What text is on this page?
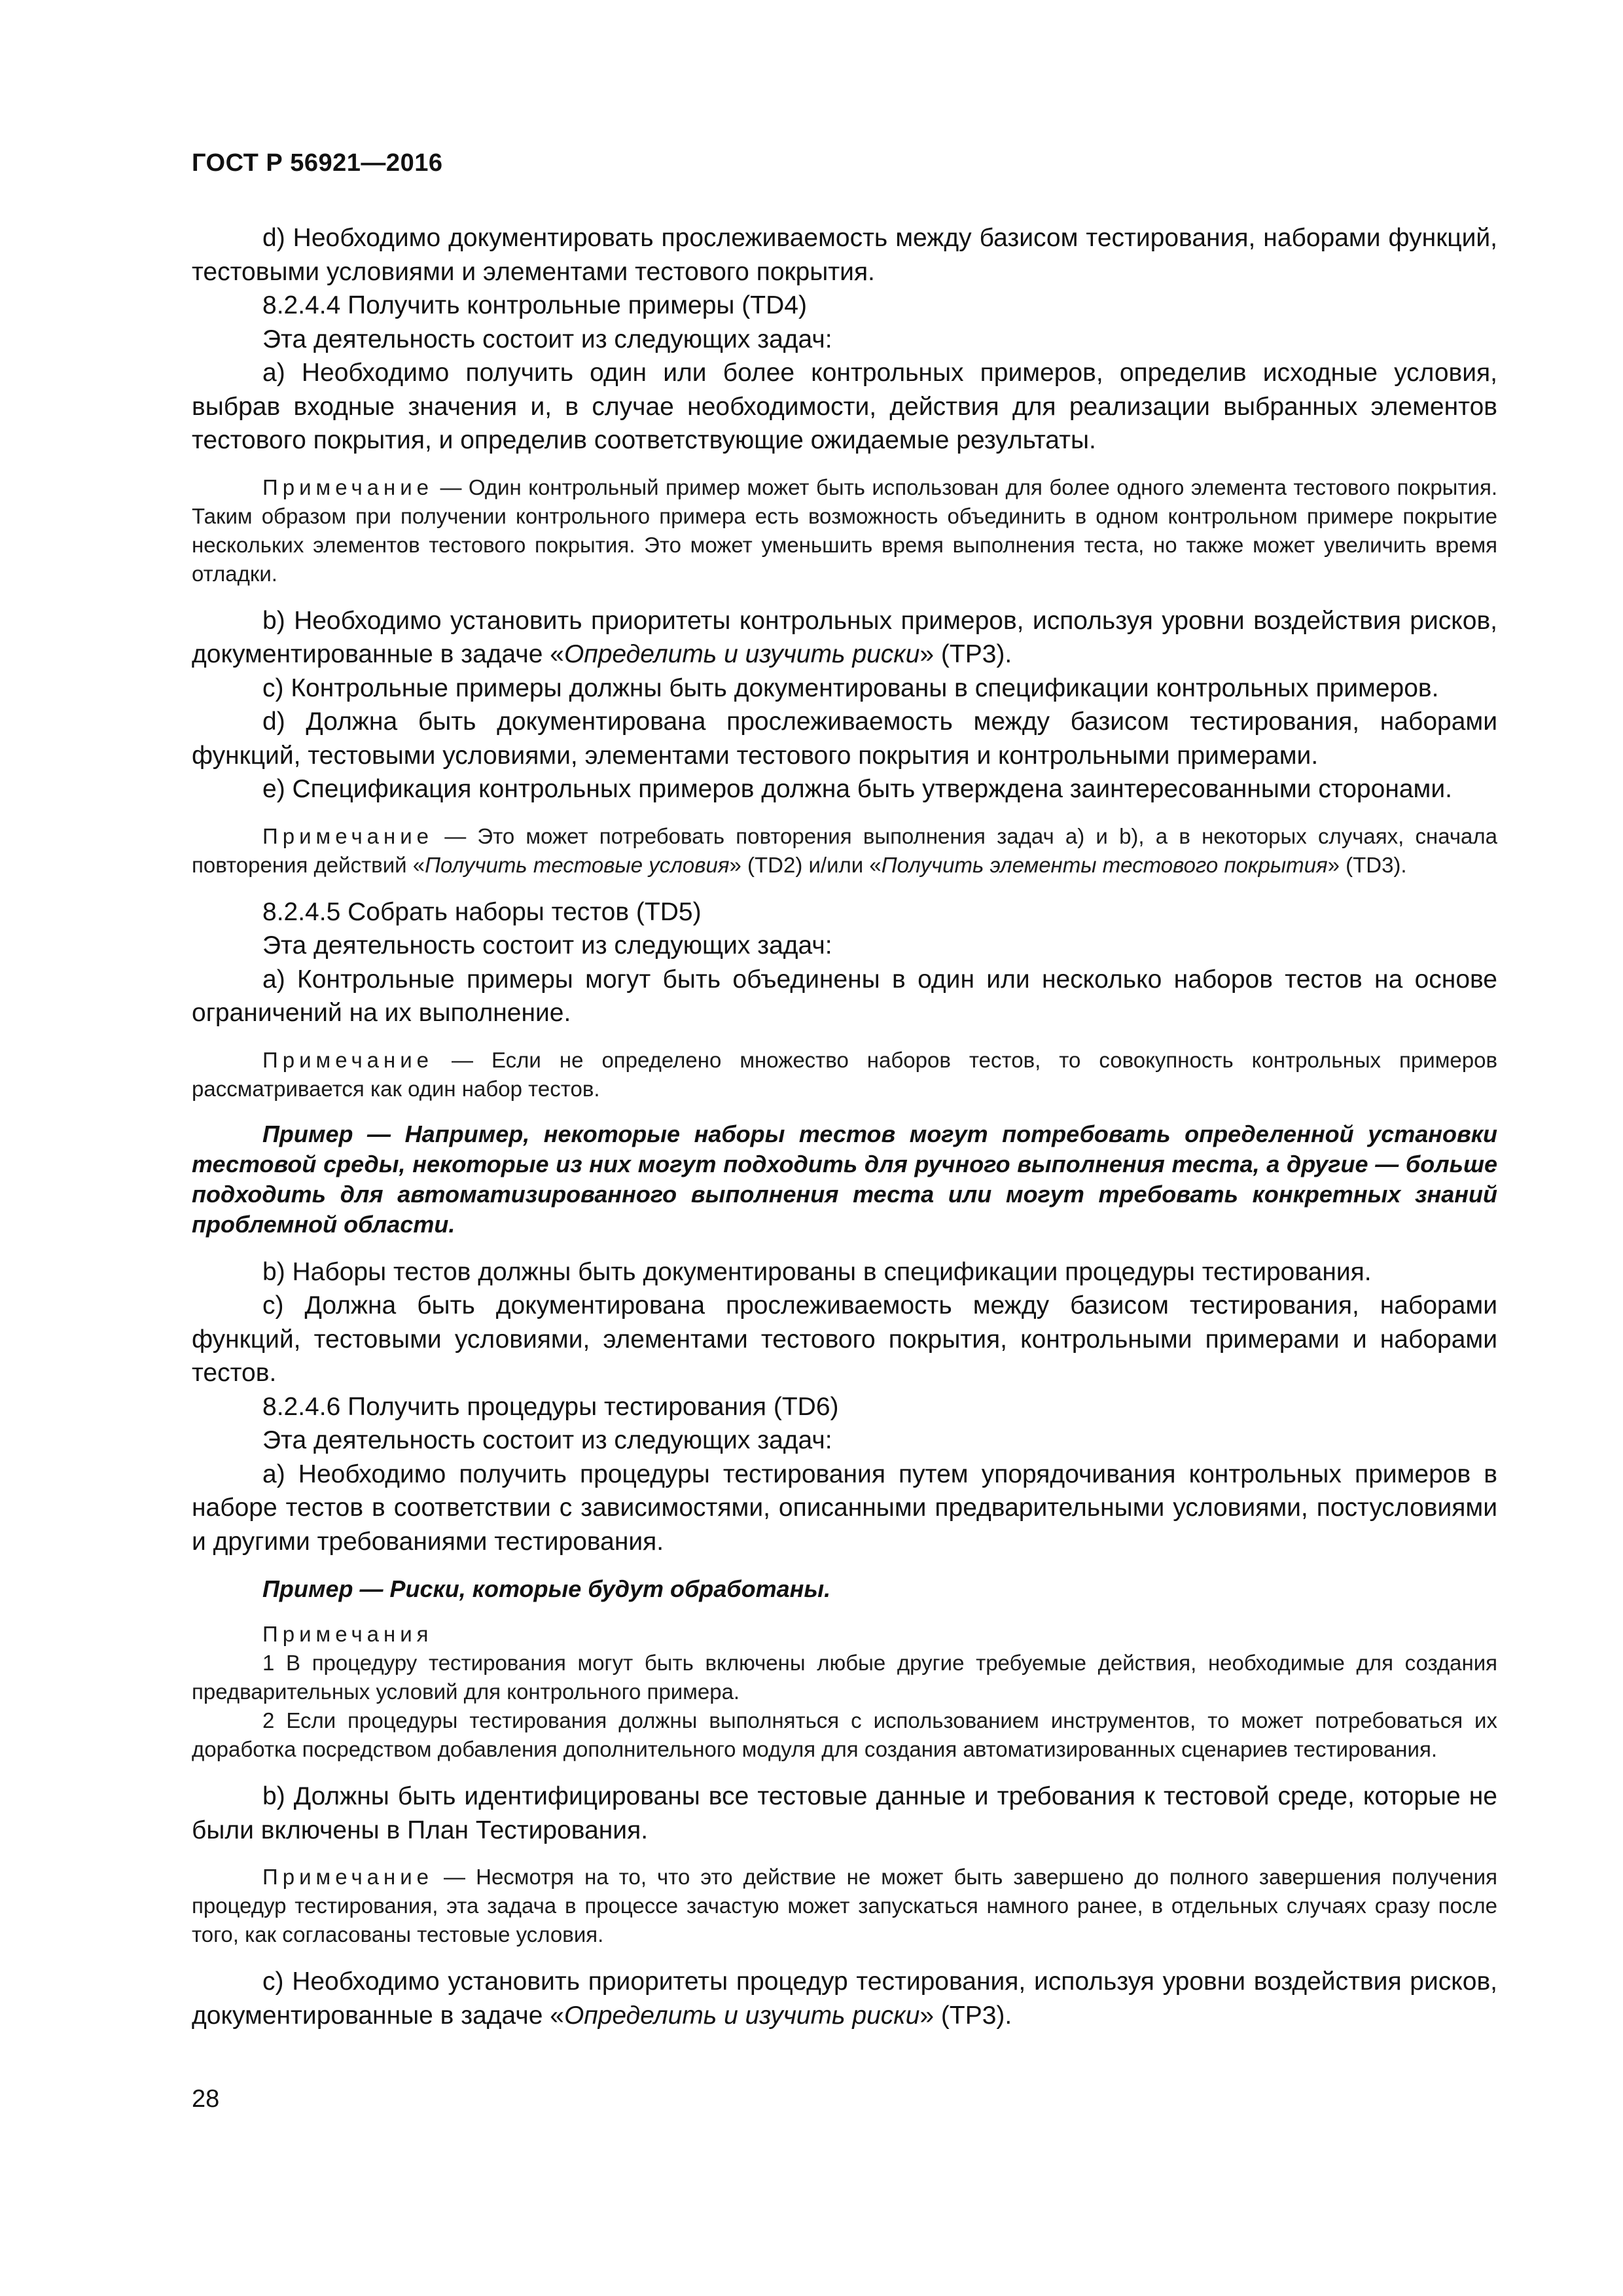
ГОСТ Р 56921—2016

d) Необходимо документировать прослеживаемость между базисом тестирования, наборами функций, тестовыми условиями и элементами тестового покрытия.

8.2.4.4 Получить контрольные примеры (TD4)

Эта деятельность состоит из следующих задач:

а) Необходимо получить один или более контрольных примеров, определив исходные условия, выбрав входные значения и, в случае необходимости, действия для реализации выбранных элементов тестового покрытия, и определив соответствующие ожидаемые результаты.

Примечание — Один контрольный пример может быть использован для более одного элемента тестового покрытия. Таким образом при получении контрольного примера есть возможность объединить в одном контрольном примере покрытие нескольких элементов тестового покрытия. Это может уменьшить время выполнения теста, но также может увеличить время отладки.

b) Необходимо установить приоритеты контрольных примеров, используя уровни воздействия рисков, документированные в задаче «Определить и изучить риски» (TP3).

c) Контрольные примеры должны быть документированы в спецификации контрольных примеров.

d) Должна быть документирована прослеживаемость между базисом тестирования, наборами функций, тестовыми условиями, элементами тестового покрытия и контрольными примерами.

e) Спецификация контрольных примеров должна быть утверждена заинтересованными сторонами.

Примечание — Это может потребовать повторения выполнения задач a) и b), а в некоторых случаях, сначала повторения действий «Получить тестовые условия» (TD2) и/или «Получить элементы тестового покрытия» (TD3).

8.2.4.5 Собрать наборы тестов (TD5)

Эта деятельность состоит из следующих задач:

a) Контрольные примеры могут быть объединены в один или несколько наборов тестов на основе ограничений на их выполнение.

Примечание — Если не определено множество наборов тестов, то совокупность контрольных примеров рассматривается как один набор тестов.

Пример — Например, некоторые наборы тестов могут потребовать определенной установки тестовой среды, некоторые из них могут подходить для ручного выполнения теста, а другие — больше подходить для автоматизированного выполнения теста или могут требовать конкретных знаний проблемной области.

b) Наборы тестов должны быть документированы в спецификации процедуры тестирования.

c) Должна быть документирована прослеживаемость между базисом тестирования, наборами функций, тестовыми условиями, элементами тестового покрытия, контрольными примерами и наборами тестов.

8.2.4.6 Получить процедуры тестирования (TD6)

Эта деятельность состоит из следующих задач:

a) Необходимо получить процедуры тестирования путем упорядочивания контрольных примеров в наборе тестов в соответствии с зависимостями, описанными предварительными условиями, постусловиями и другими требованиями тестирования.

Пример — Риски, которые будут обработаны.

Примечания

1 В процедуру тестирования могут быть включены любые другие требуемые действия, необходимые для создания предварительных условий для контрольного примера.

2 Если процедуры тестирования должны выполняться с использованием инструментов, то может потребоваться их доработка посредством добавления дополнительного модуля для создания автоматизированных сценариев тестирования.

b) Должны быть идентифицированы все тестовые данные и требования к тестовой среде, которые не были включены в План Тестирования.

Примечание — Несмотря на то, что это действие не может быть завершено до полного завершения получения процедур тестирования, эта задача в процессе зачастую может запускаться намного ранее, в отдельных случаях сразу после того, как согласованы тестовые условия.

c) Необходимо установить приоритеты процедур тестирования, используя уровни воздействия рисков, документированные в задаче «Определить и изучить риски» (TP3).

28
